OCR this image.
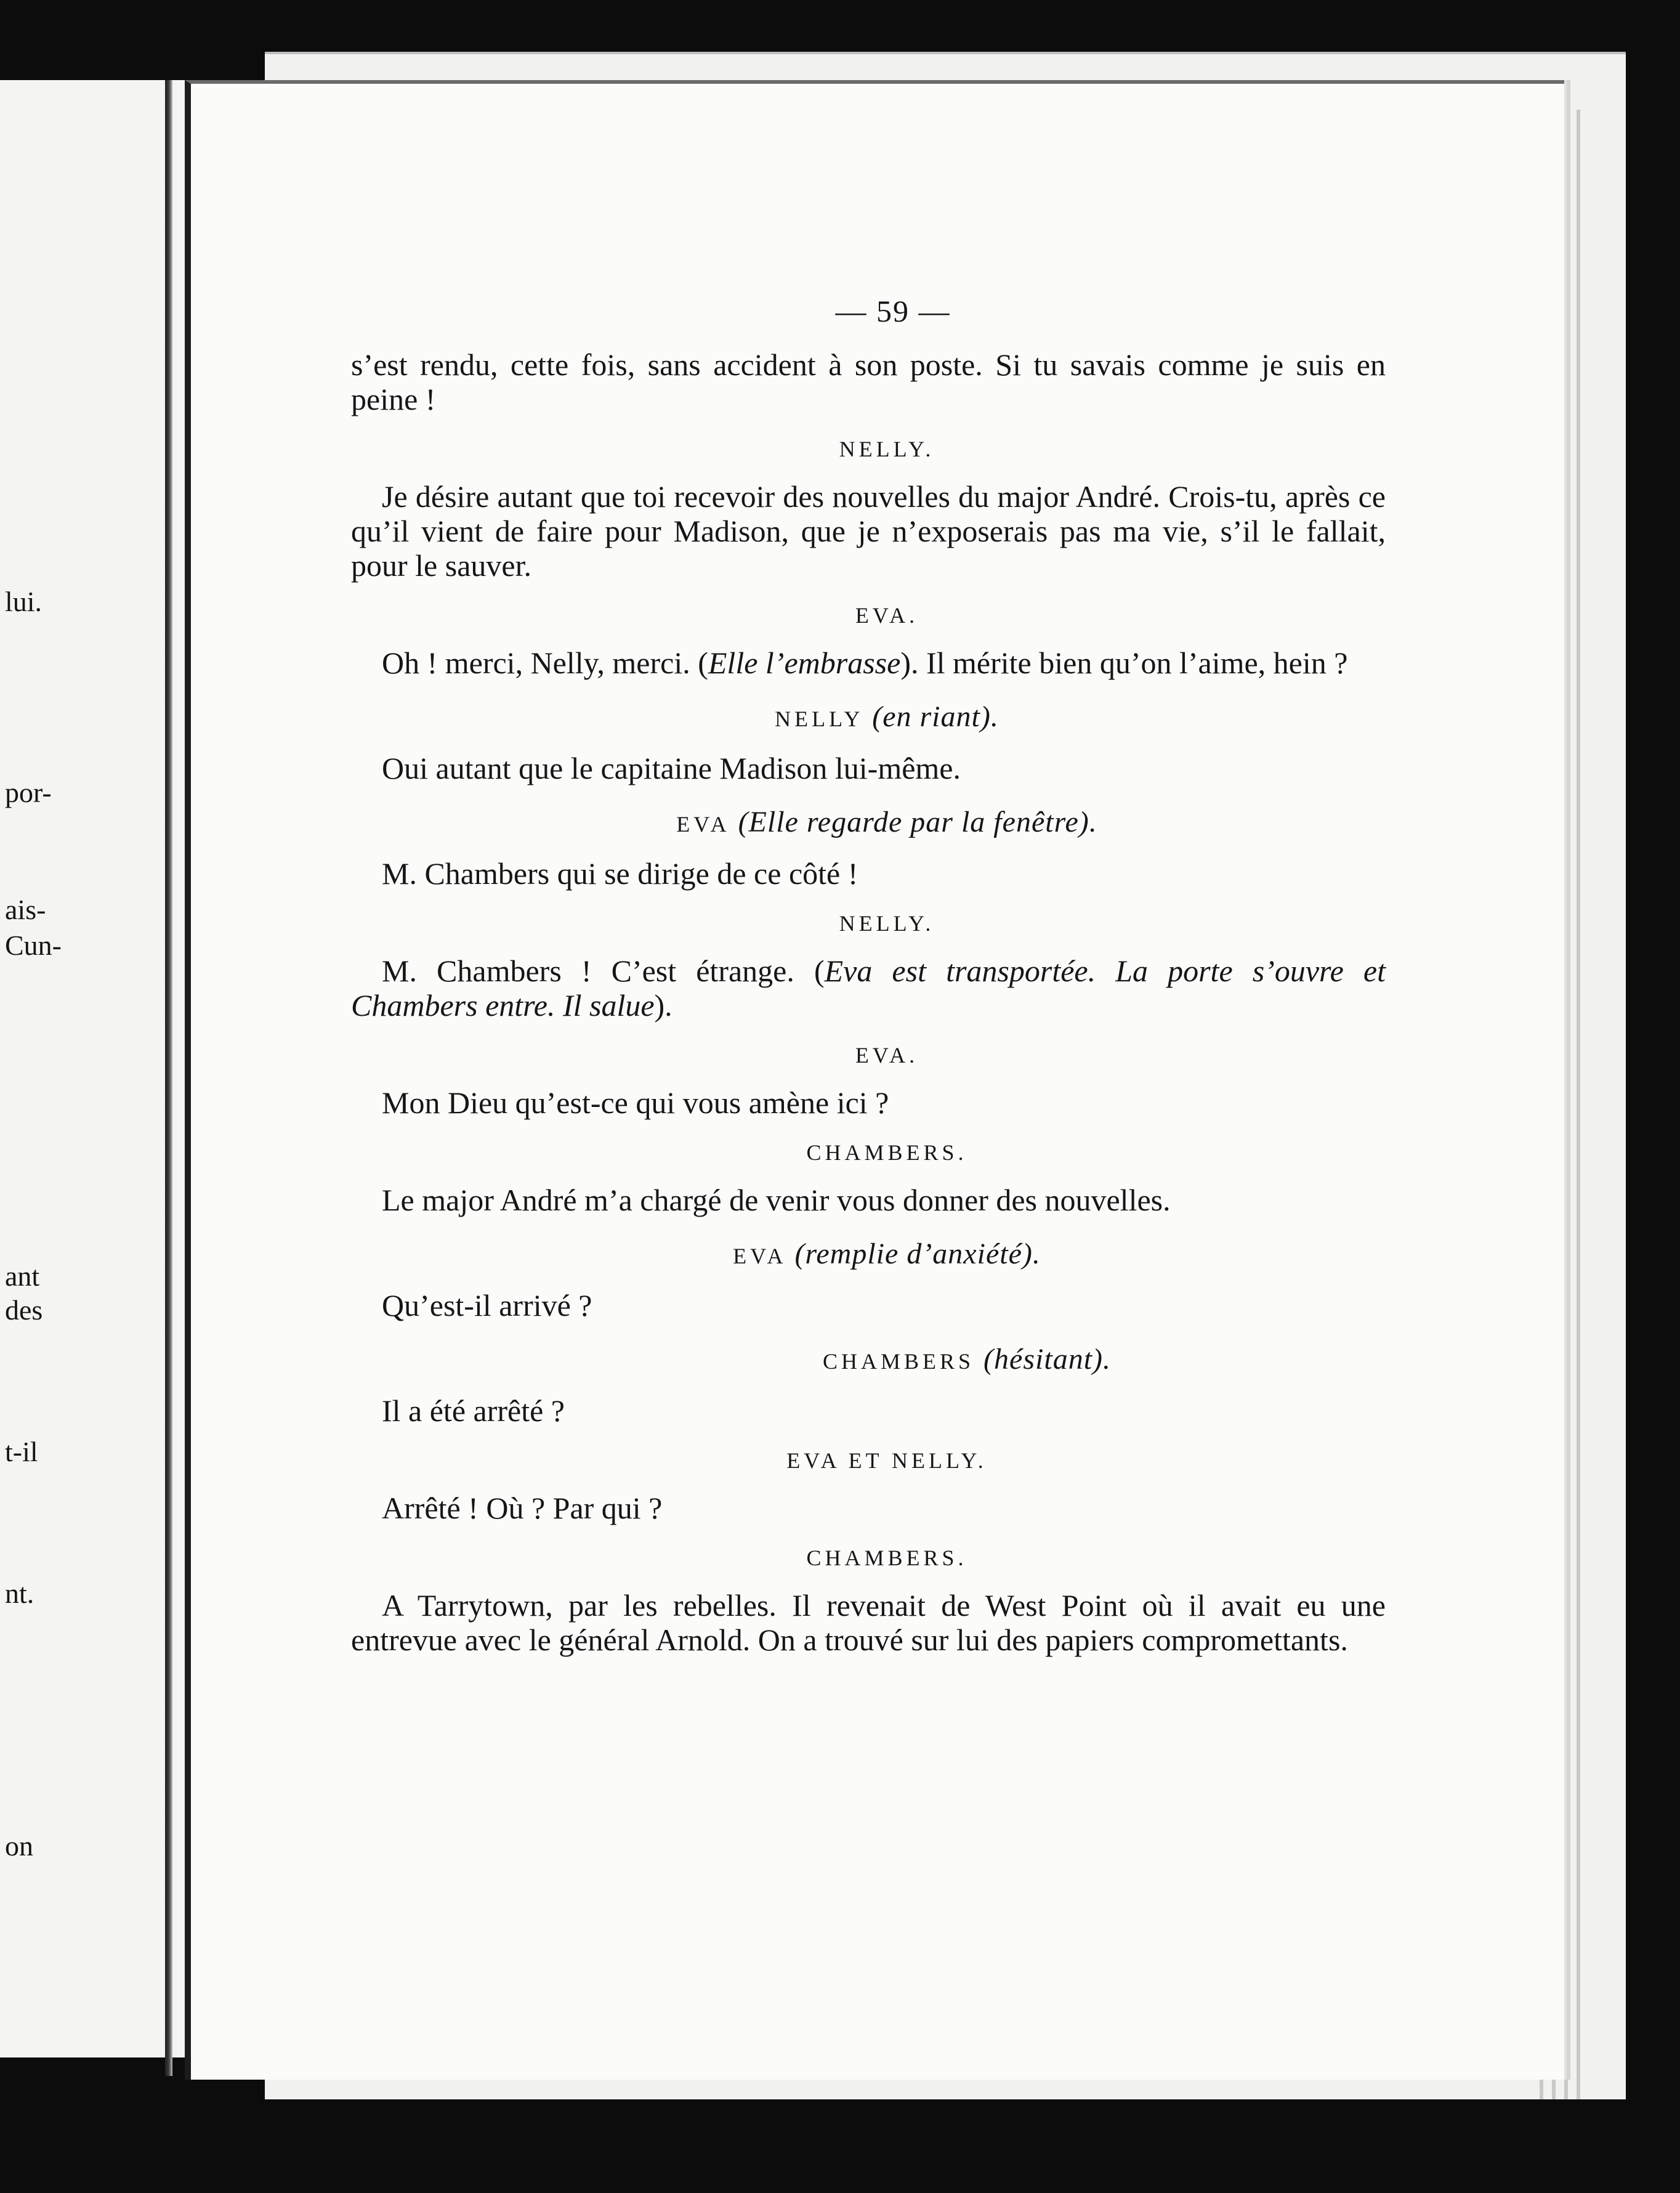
lui.
por-
ais-
Cun-
ant
des
t-il
nt.
on
— 59 —

s’est rendu, cette fois, sans accident à son poste. Si tu savais comme je suis en peine !

NELLY.

Je désire autant que toi recevoir des nouvelles du major André. Crois-tu, après ce qu’il vient de faire pour Madison, que je n’exposerais pas ma vie, s’il le fallait, pour le sauver.

EVA.

Oh ! merci, Nelly, merci. (Elle l’embrasse). Il mérite bien qu’on l’aime, hein ?

NELLY (en riant).

Oui autant que le capitaine Madison lui-même.

EVA (Elle regarde par la fenêtre).

M. Chambers qui se dirige de ce côté !

NELLY.

M. Chambers ! C’est étrange. (Eva est transportée. La porte s’ouvre et Chambers entre. Il salue).

EVA.

Mon Dieu qu’est-ce qui vous amène ici ?

CHAMBERS.

Le major André m’a chargé de venir vous donner des nouvelles.

EVA (remplie d’anxiété).

Qu’est-il arrivé ?

CHAMBERS (hésitant).

Il a été arrêté ?

EVA ET NELLY.

Arrêté ! Où ? Par qui ?

CHAMBERS.

A Tarrytown, par les rebelles. Il revenait de West Point où il avait eu une entrevue avec le général Arnold. On a trouvé sur lui des papiers compromettants.
